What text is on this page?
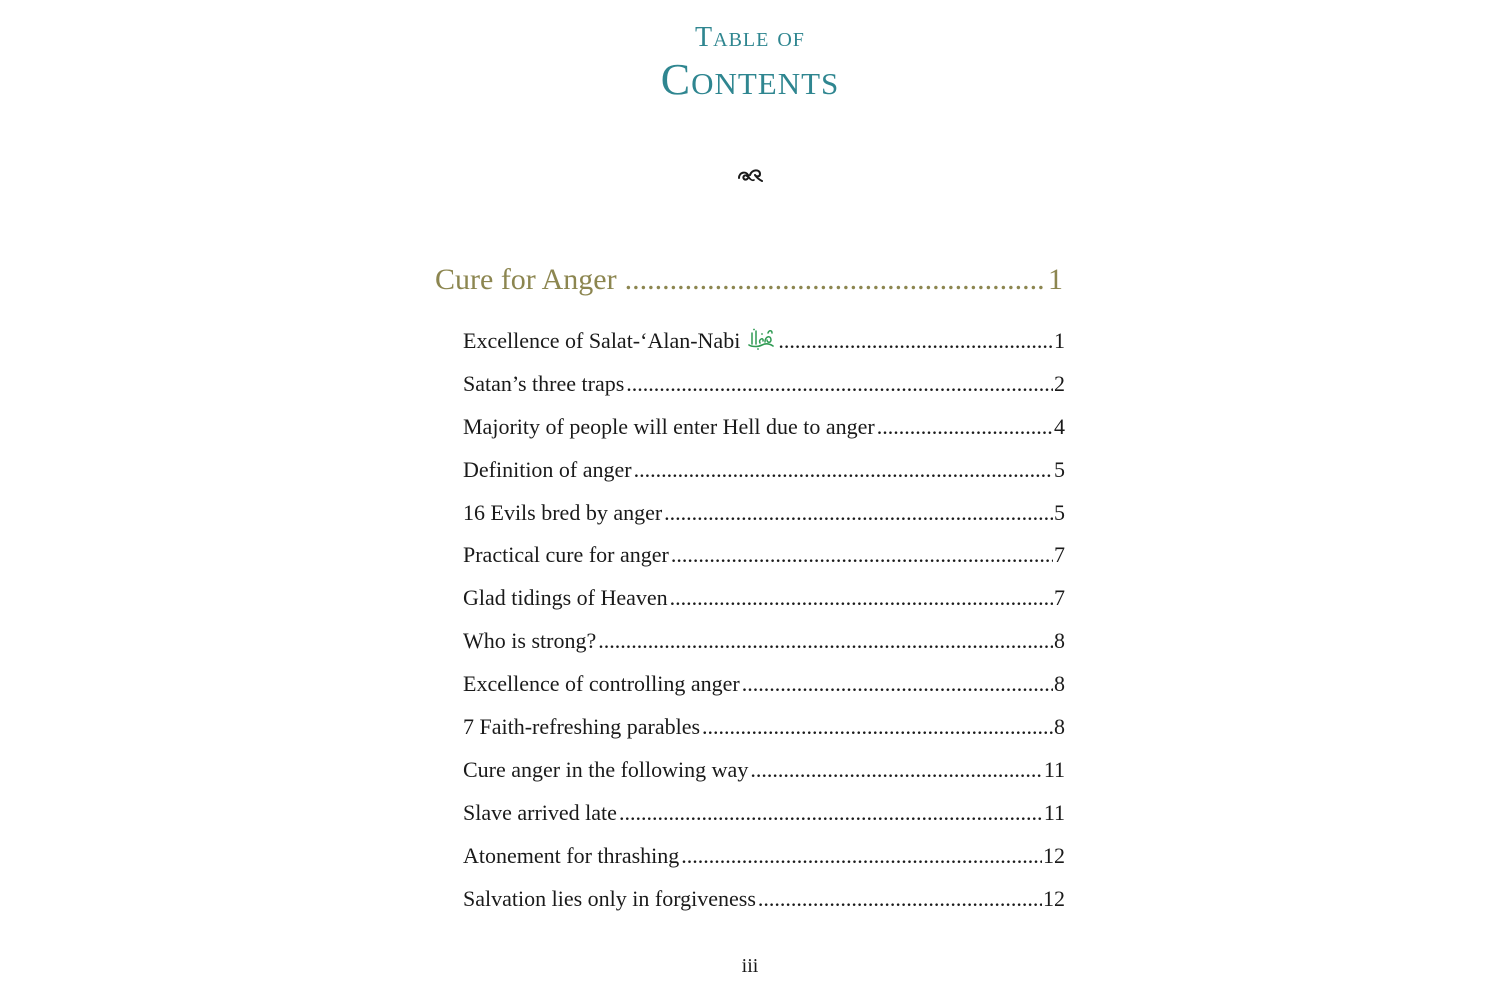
Table of
Contents
Cure for Anger .....	1
Excellence of Salat-‘Alan-Nabi .....	1
Satan’s three traps .....	2
Majority of people will enter Hell due to anger .....	4
Definition of anger .....	5
16 Evils bred by anger .....	5
Practical cure for anger .....	7
Glad tidings of Heaven .....	7
Who is strong? .....	8
Excellence of controlling anger .....	8
7 Faith-refreshing parables .....	8
Cure anger in the following way .....	11
Slave arrived late .....	11
Atonement for thrashing .....	12
Salvation lies only in forgiveness .....	12
iii
